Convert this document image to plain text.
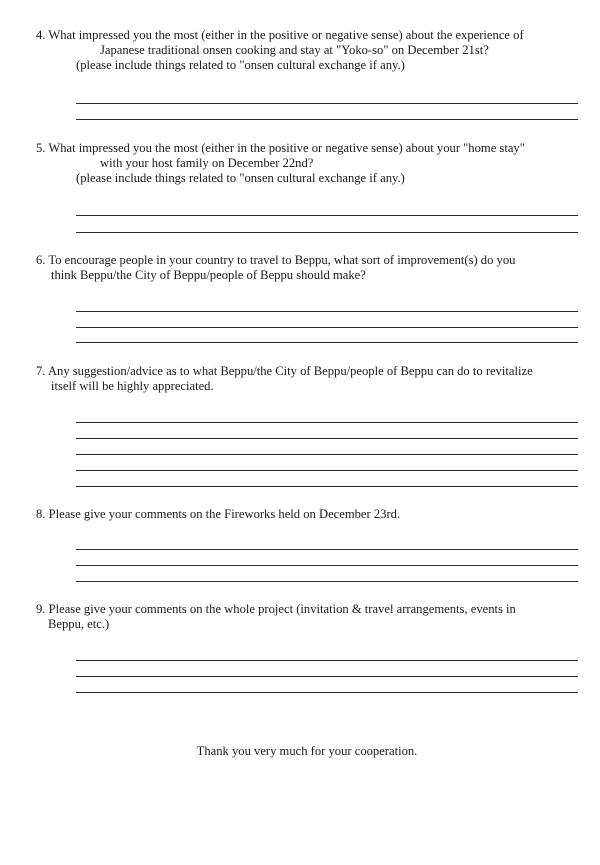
4. What impressed you the most (either in the positive or negative sense) about the experience of
Japanese traditional onsen cooking and stay at "Yoko-so" on December 21st?
(please include things related to "onsen cultural exchange if any.)
5. What impressed you the most (either in the positive or negative sense) about your "home stay"
with your host family on December 22nd?
(please include things related to "onsen cultural exchange if any.)
6. To encourage people in your country to travel to Beppu, what sort of improvement(s) do you
think Beppu/the City of Beppu/people of Beppu should make?
7. Any suggestion/advice as to what Beppu/the City of Beppu/people of Beppu can do to revitalize
itself will be highly appreciated.
8. Please give your comments on the Fireworks held on December 23rd.
9. Please give your comments on the whole project (invitation & travel arrangements, events in
Beppu, etc.)
Thank you very much for your cooperation.
